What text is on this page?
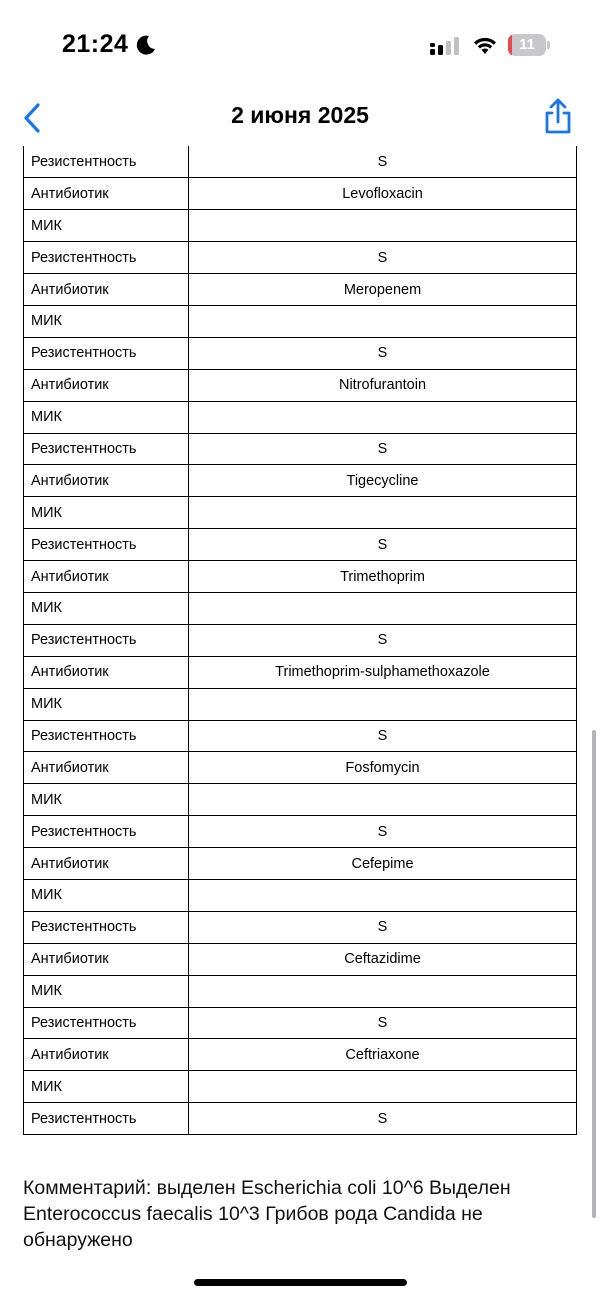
21:24	11
2 июня 2025
Резистентность	S
Антибиотик	Levofloxacin
МИК	
Резистентность	S
Антибиотик	Meropenem
МИК	
Резистентность	S
Антибиотик	Nitrofurantoin
МИК	
Резистентность	S
Антибиотик	Tigecycline
МИК	
Резистентность	S
Антибиотик	Trimethoprim
МИК	
Резистентность	S
Антибиотик	Trimethoprim-sulphamethoxazole
МИК	
Резистентность	S
Антибиотик	Fosfomycin
МИК	
Резистентность	S
Антибиотик	Cefepime
МИК	
Резистентность	S
Антибиотик	Ceftazidime
МИК	
Резистентность	S
Антибиотик	Ceftriaxone
МИК	
Резистентность	S
Комментарий: выделен Escherichia coli 10^6 Выделен Enterococcus faecalis 10^3 Грибов рода Candida не обнаружено
